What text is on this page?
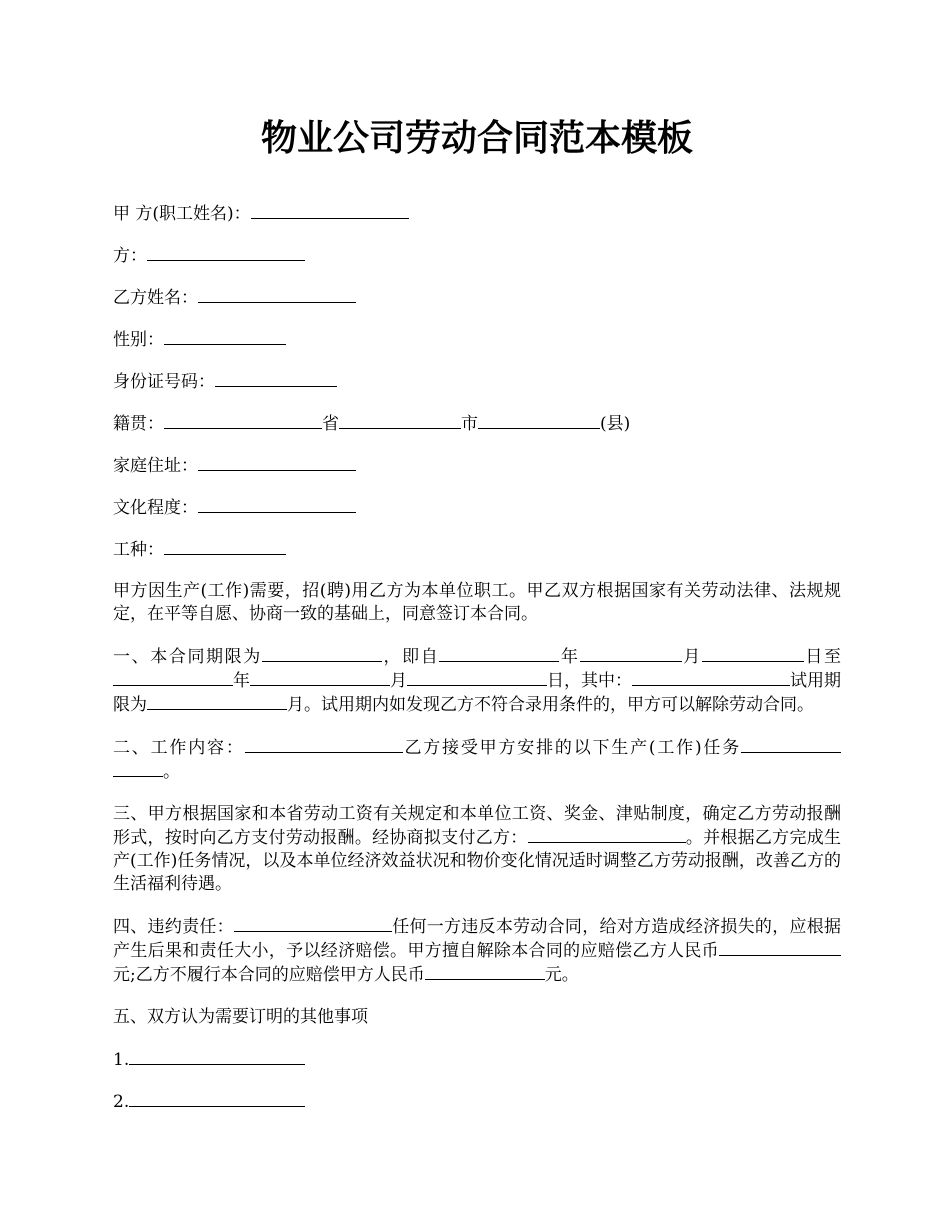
物业公司劳动合同范本模板
甲 方(职工姓名)：
方：
乙方姓名：
性别：
身份证号码：
籍贯：	省	市	(县)
家庭住址：
文化程度：
工种：

甲方因生产(工作)需要，招(聘)用乙方为本单位职工。甲乙双方根据国家有关劳动法律、法规规定，在平等自愿、协商一致的基础上，同意签订本合同。

一、本合同期限为	，即自	年	月	日至年	月	日，其中：	试用期限为	月。试用期内如发现乙方不符合录用条件的，甲方可以解除劳动合同。

二、工作内容：	乙方接受甲方安排的以下生产(工作)任务。

三、甲方根据国家和本省劳动工资有关规定和本单位工资、奖金、津贴制度，确定乙方劳动报酬形式，按时向乙方支付劳动报酬。经协商拟支付乙方：	。并根据乙方完成生产(工作)任务情况，以及本单位经济效益状况和物价变化情况适时调整乙方劳动报酬，改善乙方的生活福利待遇。

四、违约责任：	任何一方违反本劳动合同，给对方造成经济损失的，应根据产生后果和责任大小，予以经济赔偿。甲方擅自解除本合同的应赔偿乙方人民币元;乙方不履行本合同的应赔偿甲方人民币	元。

五、双方认为需要订明的其他事项

1.
2.
